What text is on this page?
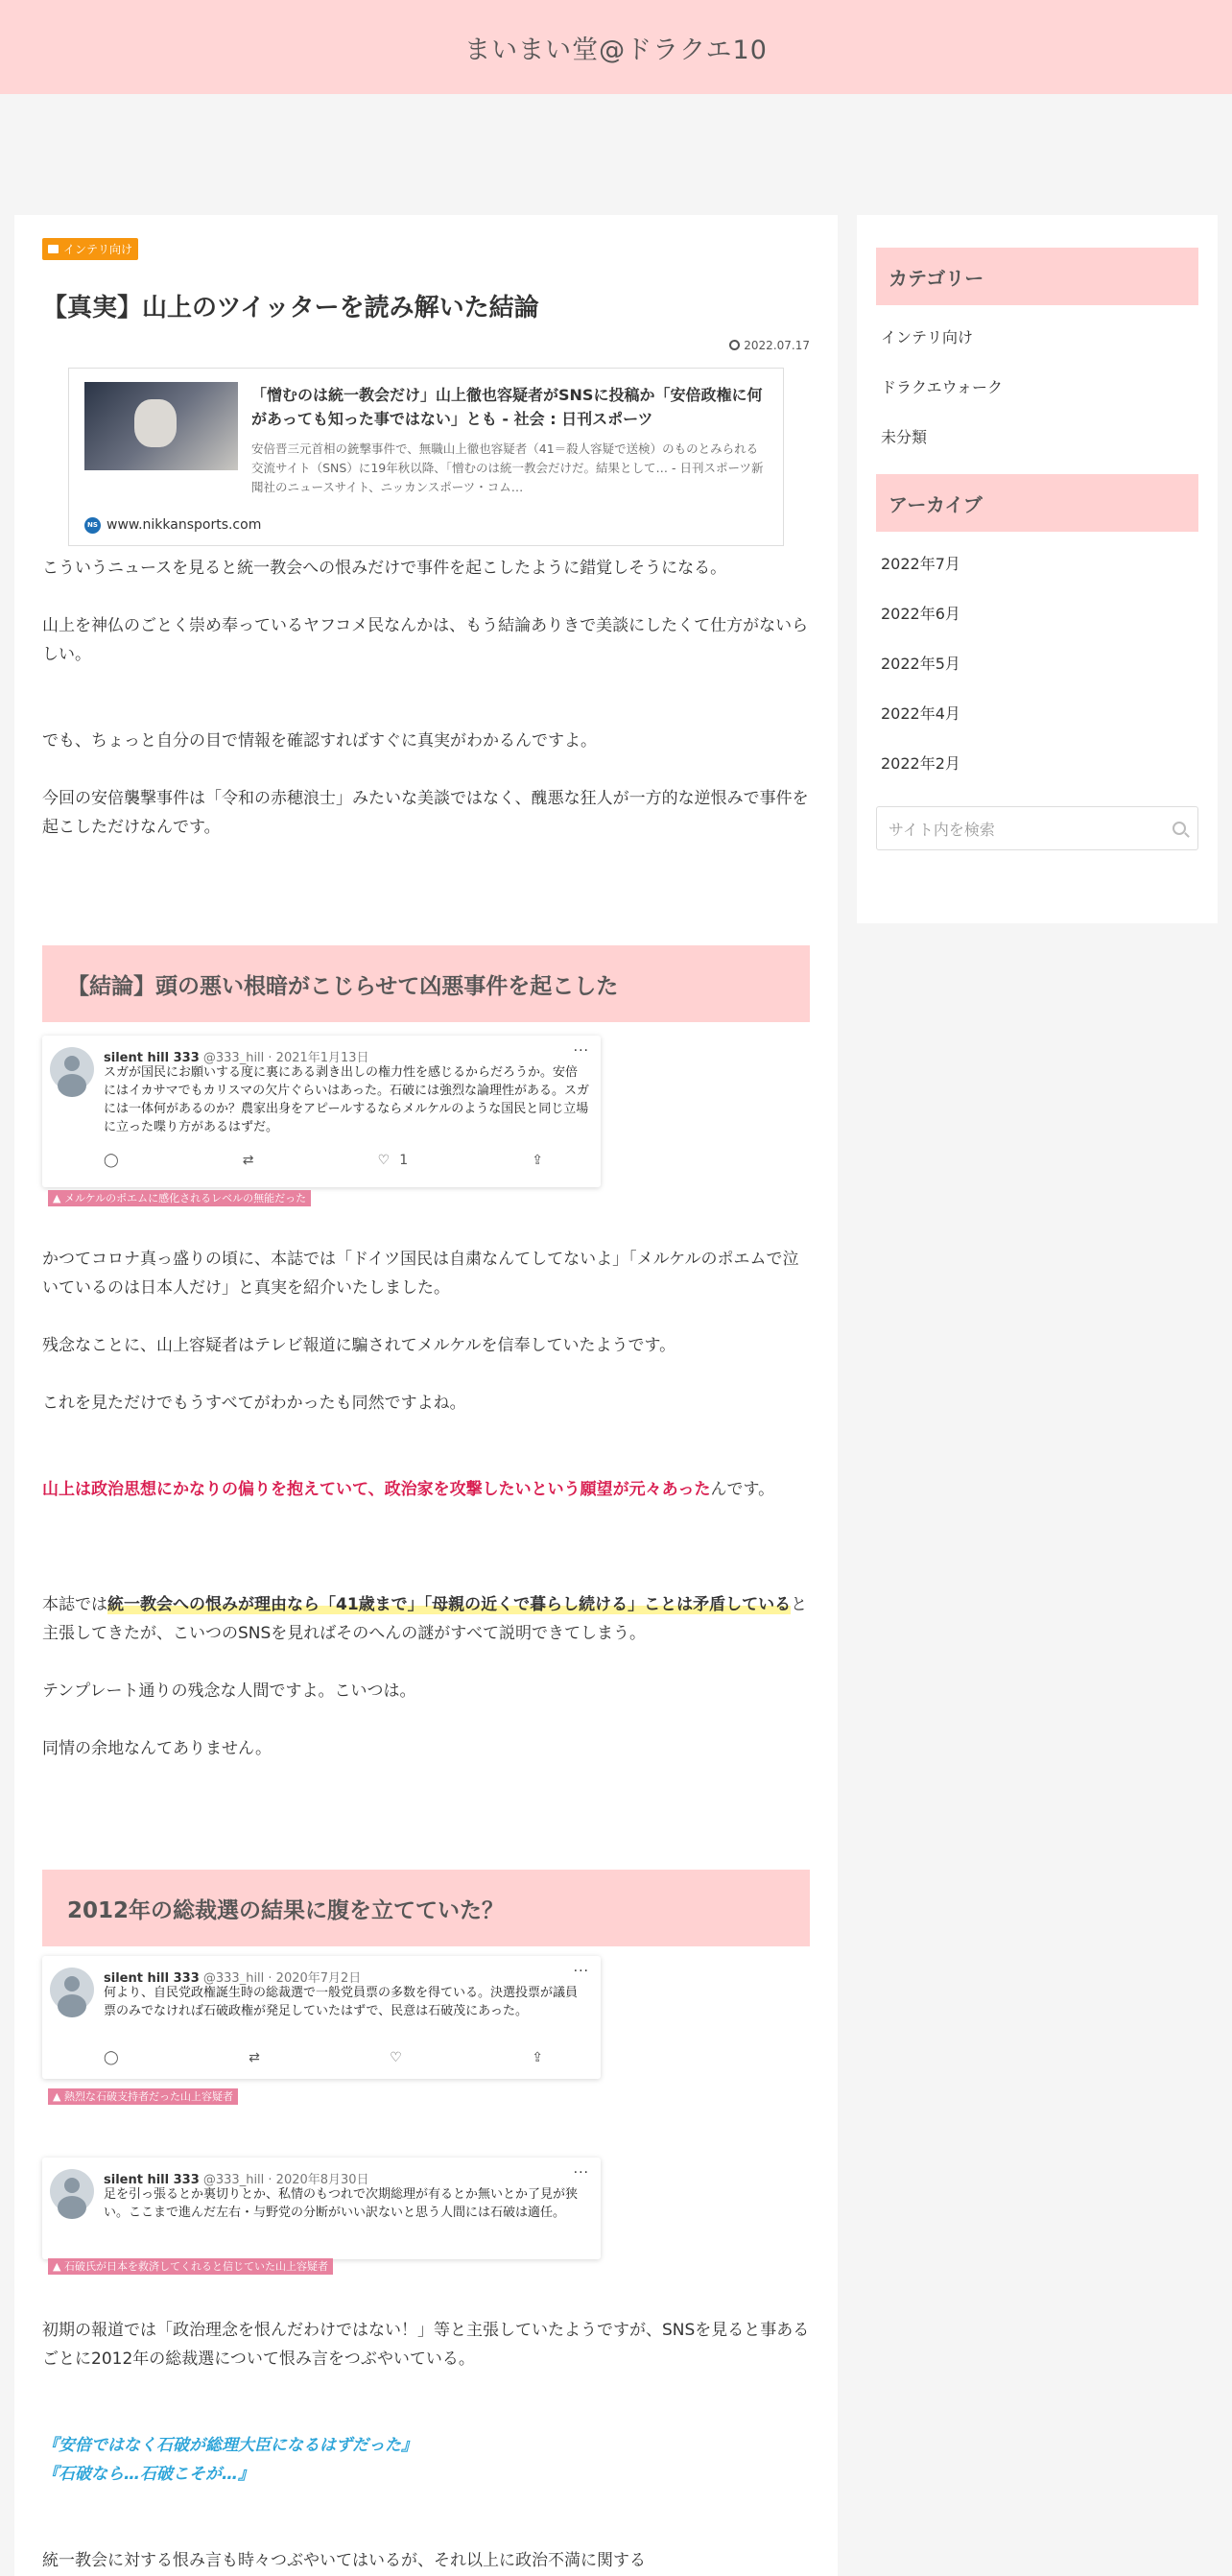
まいまい堂@ドラクエ10
インテリ向け
【真実】山上のツイッターを読み解いた結論
2022.07.17
「憎むのは統一教会だけ」山上徹也容疑者がSNSに投稿か「安倍政権に何があっても知った事ではない」とも - 社会 : 日刊スポーツ
安倍晋三元首相の銃撃事件で、無職山上徹也容疑者（41＝殺人容疑で送検）のものとみられる交流サイト（SNS）に19年秋以降、「憎むのは統一教会だけだ。結果として… - 日刊スポーツ新聞社のニュースサイト、ニッカンスポーツ・コム…
NS www.nikkansports.com

こういうニュースを見ると統一教会への恨みだけで事件を起こしたように錯覚しそうになる。

山上を神仏のごとく崇め奉っているヤフコメ民なんかは、もう結論ありきで美談にしたくて仕方がないらしい。

でも、ちょっと自分の目で情報を確認すればすぐに真実がわかるんですよ。

今回の安倍襲撃事件は「令和の赤穂浪士」みたいな美談ではなく、醜悪な狂人が一方的な逆恨みで事件を起こしただけなんです。

【結論】頭の悪い根暗がこじらせて凶悪事件を起こした
silent hill 333 @333_hill · 2021年1月13日	···
スガが国民にお願いする度に裏にある剥き出しの権力性を感じるからだろうか。安倍にはイカサマでもカリスマの欠片ぐらいはあった。石破には強烈な論理性がある。スガには一体何があるのか？農家出身をアピールするならメルケルのような国民と同じ立場に立った喋り方があるはずだ。
◯	⇄	♡ 1	⇪
▲ メルケルのポエムに感化されるレベルの無能だった

かつてコロナ真っ盛りの頃に、本誌では「ドイツ国民は自粛なんてしてないよ」「メルケルのポエムで泣いているのは日本人だけ」と真実を紹介いたしました。

残念なことに、山上容疑者はテレビ報道に騙されてメルケルを信奉していたようです。

これを見ただけでもうすべてがわかったも同然ですよね。

山上は政治思想にかなりの偏りを抱えていて、政治家を攻撃したいという願望が元々あったんです。

本誌では統一教会への恨みが理由なら「41歳まで」「母親の近くで暮らし続ける」ことは矛盾していると主張してきたが、こいつのSNSを見ればそのへんの謎がすべて説明できてしまう。

テンプレート通りの残念な人間ですよ。こいつは。

同情の余地なんてありません。

2012年の総裁選の結果に腹を立てていた？
silent hill 333 @333_hill · 2020年7月2日	···
何より、自民党政権誕生時の総裁選で一般党員票の多数を得ている。決選投票が議員票のみでなければ石破政権が発足していたはずで、民意は石破茂にあった。
◯	⇄	♡	⇪
▲ 熱烈な石破支持者だった山上容疑者
silent hill 333 @333_hill · 2020年8月30日	···
足を引っ張るとか裏切りとか、私情のもつれで次期総理が有るとか無いとか了見が狭い。ここまで進んだ左右・与野党の分断がいい訳ないと思う人間には石破は適任。
▲ 石破氏が日本を救済してくれると信じていた山上容疑者

初期の報道では「政治理念を恨んだわけではない！」等と主張していたようですが、SNSを見ると事あるごとに2012年の総裁選について恨み言をつぶやいている。

『安倍ではなく石破が総理大臣になるはずだった』

『石破なら…石破こそが…』

統一教会に対する恨み言も時々つぶやいてはいるが、それ以上に政治不満に関する

カテゴリー
インテリ向け
ドラクエウォーク
未分類
アーカイブ
2022年7月
2022年6月
2022年5月
2022年4月
2022年2月
サイト内を検索
